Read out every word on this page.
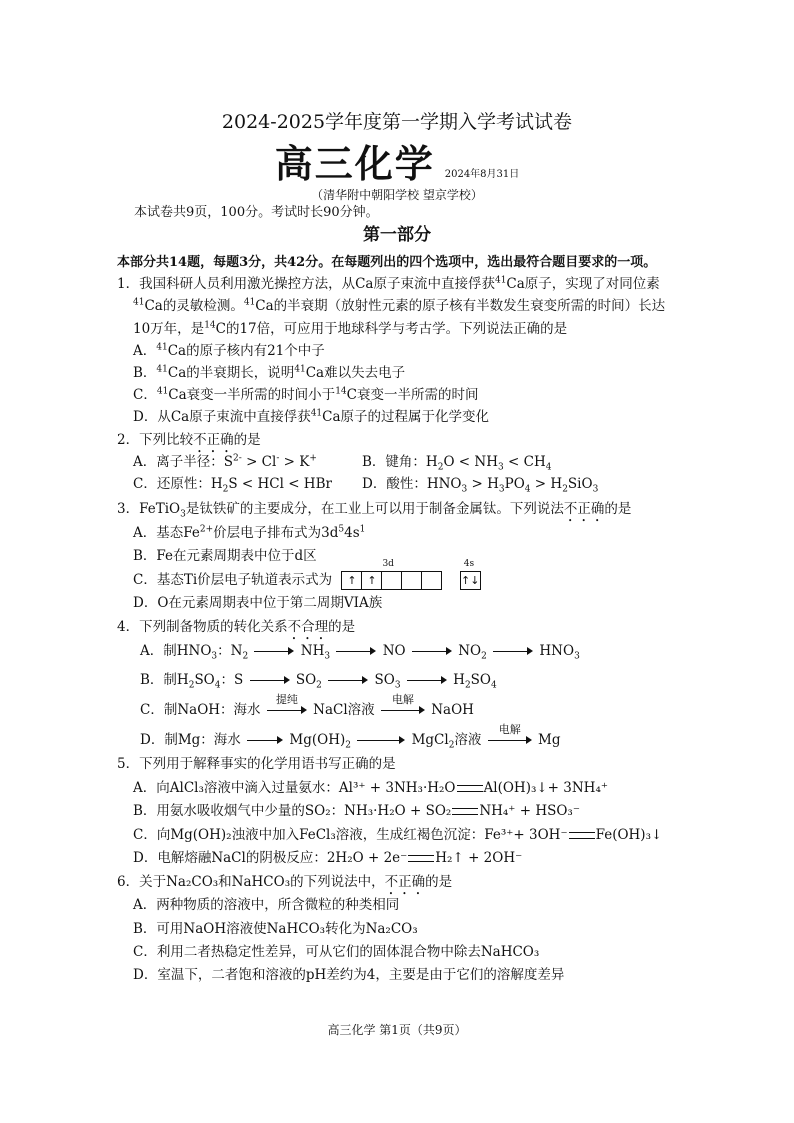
2024-2025学年度第一学期入学考试试卷
高三化学 2024年8月31日
（清华附中朝阳学校 望京学校）
本试卷共9页，100分。考试时长90分钟。
第一部分
本部分共14题，每题3分，共42分。在每题列出的四个选项中，选出最符合题目要求的一项。
1．我国科研人员利用激光操控方法，从Ca原子束流中直接俘获$^{41}$Ca原子，实现了对同位素
$^{41}$Ca的灵敏检测。$^{41}$Ca的半衰期（放射性元素的原子核有半数发生衰变所需的时间）长达
10万年，是$^{14}$C的17倍，可应用于地球科学与考古学。下列说法正确的是
A．$^{41}$Ca的原子核内有21个中子
B．$^{41}$Ca的半衰期长，说明$^{41}$Ca难以失去电子
C．$^{41}$Ca衰变一半所需的时间小于$^{14}$C衰变一半所需的时间
D．从Ca原子束流中直接俘获$^{41}$Ca原子的过程属于化学变化
2．下列比较不正确的是
A．离子半径：$S^{2-} > Cl^- > K^+$	B．键角：$H_2O < NH_3 < CH_4$
C．还原性：$H_2S$ < HCl < HBr D．酸性：$HNO_3 > H_3PO_4 > H_2SiO_3$
3．FeTiO$_3$是钛铁矿的主要成分，在工业上可以用于制备金属钛。下列说法不正确的是
A．基态$Fe^{2+}$价层电子排布式为$3d^54s^1$
B．Fe在元素周期表中位于d区
C．基态Ti价层电子轨道表示式为
3d
↑ ↑

4s
↑↓
D．O在元素周期表中位于第二周期VIA族
4．下列制备物质的转化关系不合理的是
A．制$HNO_3$：$N_2$	$NH_3$	NO	$NO_2$	$HNO_3$
B．制$H_2SO_4$：S	$SO_2$	$SO_3$	$H_2SO_4$
C．制NaOH：海水
提纯
NaCl溶液
电解
NaOH
D．制Mg：海水	$Mg(OH)_2$	MgCl$_2$溶液
电解
Mg
5．下列用于解释事实的化学用语书写正确的是
A．向AlCl₃溶液中滴入过量氨水：Al³⁺ + 3NH₃·H₂O Al(OH)₃↓+ 3NH₄⁺
B．用氨水吸收烟气中少量的SO₂：NH₃·H₂O + SO₂ NH₄⁺ + HSO₃⁻
C．向Mg(OH)₂浊液中加入FeCl₃溶液，生成红褐色沉淀：Fe³⁺+ 3OH⁻ Fe(OH)₃↓
D．电解熔融NaCl的阴极反应：2H₂O + 2e⁻ H₂↑ + 2OH⁻
6．关于Na₂CO₃和NaHCO₃的下列说法中，不正确的是
A．两种物质的溶液中，所含微粒的种类相同
B．可用NaOH溶液使NaHCO₃转化为Na₂CO₃
C．利用二者热稳定性差异，可从它们的固体混合物中除去NaHCO₃
D．室温下，二者饱和溶液的pH差约为4，主要是由于它们的溶解度差异
高三化学 第1页（共9页）
